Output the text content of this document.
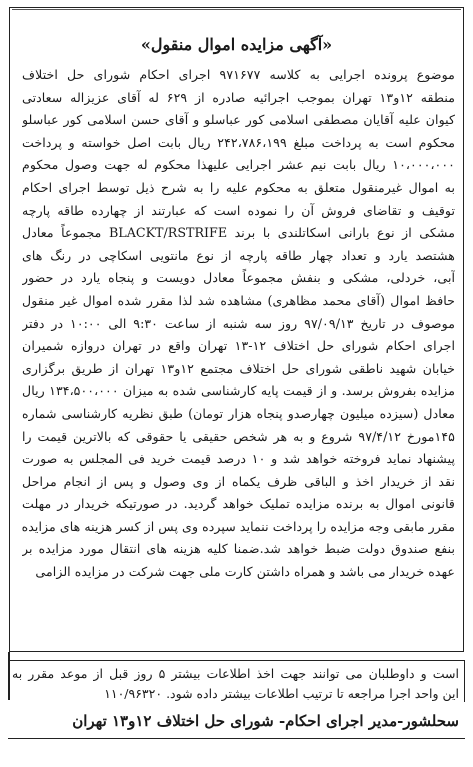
«آگهی مزایده اموال منقول»
موضوع پرونده اجرایی به کلاسه ۹۷۱۶۷۷ اجرای احکام شورای حل اختلاف
منطقه ۱۲و۱۳ تهران بموجب اجرائیه صادره از ۶۲۹ له آقای عزیزاله سعادتی
کیوان علیه آقایان مصطفی اسلامی کور عباسلو و آقای حسن اسلامی کور عباسلو
محکوم است به پرداخت مبلغ ۲۴۲،۷۸۶،۱۹۹ ریال بابت اصل خواسته و پرداخت
۱۰،۰۰۰،۰۰۰ ریال بابت نیم عشر اجرایی علیهذا محکوم له جهت وصول محکوم
به اموال غیرمنقول متعلق به محکوم علیه را به شرح ذیل توسط اجرای احکام
توقیف و تقاضای فروش آن را نموده است که عبارتند از چهارده طاقه پارچه
مشکی از نوع بارانی اسکاتلندی با برند BLACKT/RSTRIFE مجموعاً معادل
هشتصد یارد و تعداد چهار طاقه پارچه از نوع مانتویی اسکاچی در رنگ های
آبی، خردلی، مشکی و بنفش مجموعاً معادل دویست و پنجاه یارد در حضور
حافظ اموال (آقای محمد مظاهری) مشاهده شد لذا مقرر شده اموال غیر منقول
موصوف در تاریخ ۹۷/۰۹/۱۳ روز سه شنبه از ساعت ۹:۳۰ الی ۱۰:۰۰ در دفتر
اجرای احکام شورای حل اختلاف ۱۲-۱۳ تهران واقع در تهران دروازه شمیران
خیابان شهید ناطقی شورای حل اختلاف مجتمع ۱۲و۱۳ تهران از طریق برگزاری
مزایده بفروش برسد. و از قیمت پایه کارشناسی شده به میزان ۱۳۴،۵۰۰،۰۰۰ ریال
معادل (سیزده میلیون چهارصدو پنجاه هزار تومان) طبق نظریه کارشناسی شماره
۱۴۵مورخ ۹۷/۴/۱۲ شروع و به هر شخص حقیقی یا حقوقی که بالاترین قیمت را
پیشنهاد نماید فروخته خواهد شد و ۱۰ درصد قیمت خرید فی المجلس به صورت
نقد از خریدار اخذ و الباقی ظرف یکماه از وی وصول و پس از انجام مراحل
قانونی اموال به برنده مزایده تملیک خواهد گردید. در صورتیکه خریدار در مهلت
مقرر مابقی وجه مزایده را پرداخت ننماید سپرده وی پس از کسر هزینه های مزایده
بنفع صندوق دولت ضبط خواهد شد.ضمنا کلیه هزینه های انتقال مورد مزایده بر
عهده خریدار می باشد و همراه داشتن کارت ملی جهت شرکت در مزایده الزامی
است و داوطلبان می توانند جهت اخذ اطلاعات بیشتر ۵ روز قبل از موعد مقرر به
این واحد اجرا مراجعه تا ترتیب اطلاعات بیشتر داده شود. ۱۱۰/۹۶۳۲۰
سحلشور-مدیر اجرای احکام- شورای حل اختلاف ۱۲و۱۳ تهران
